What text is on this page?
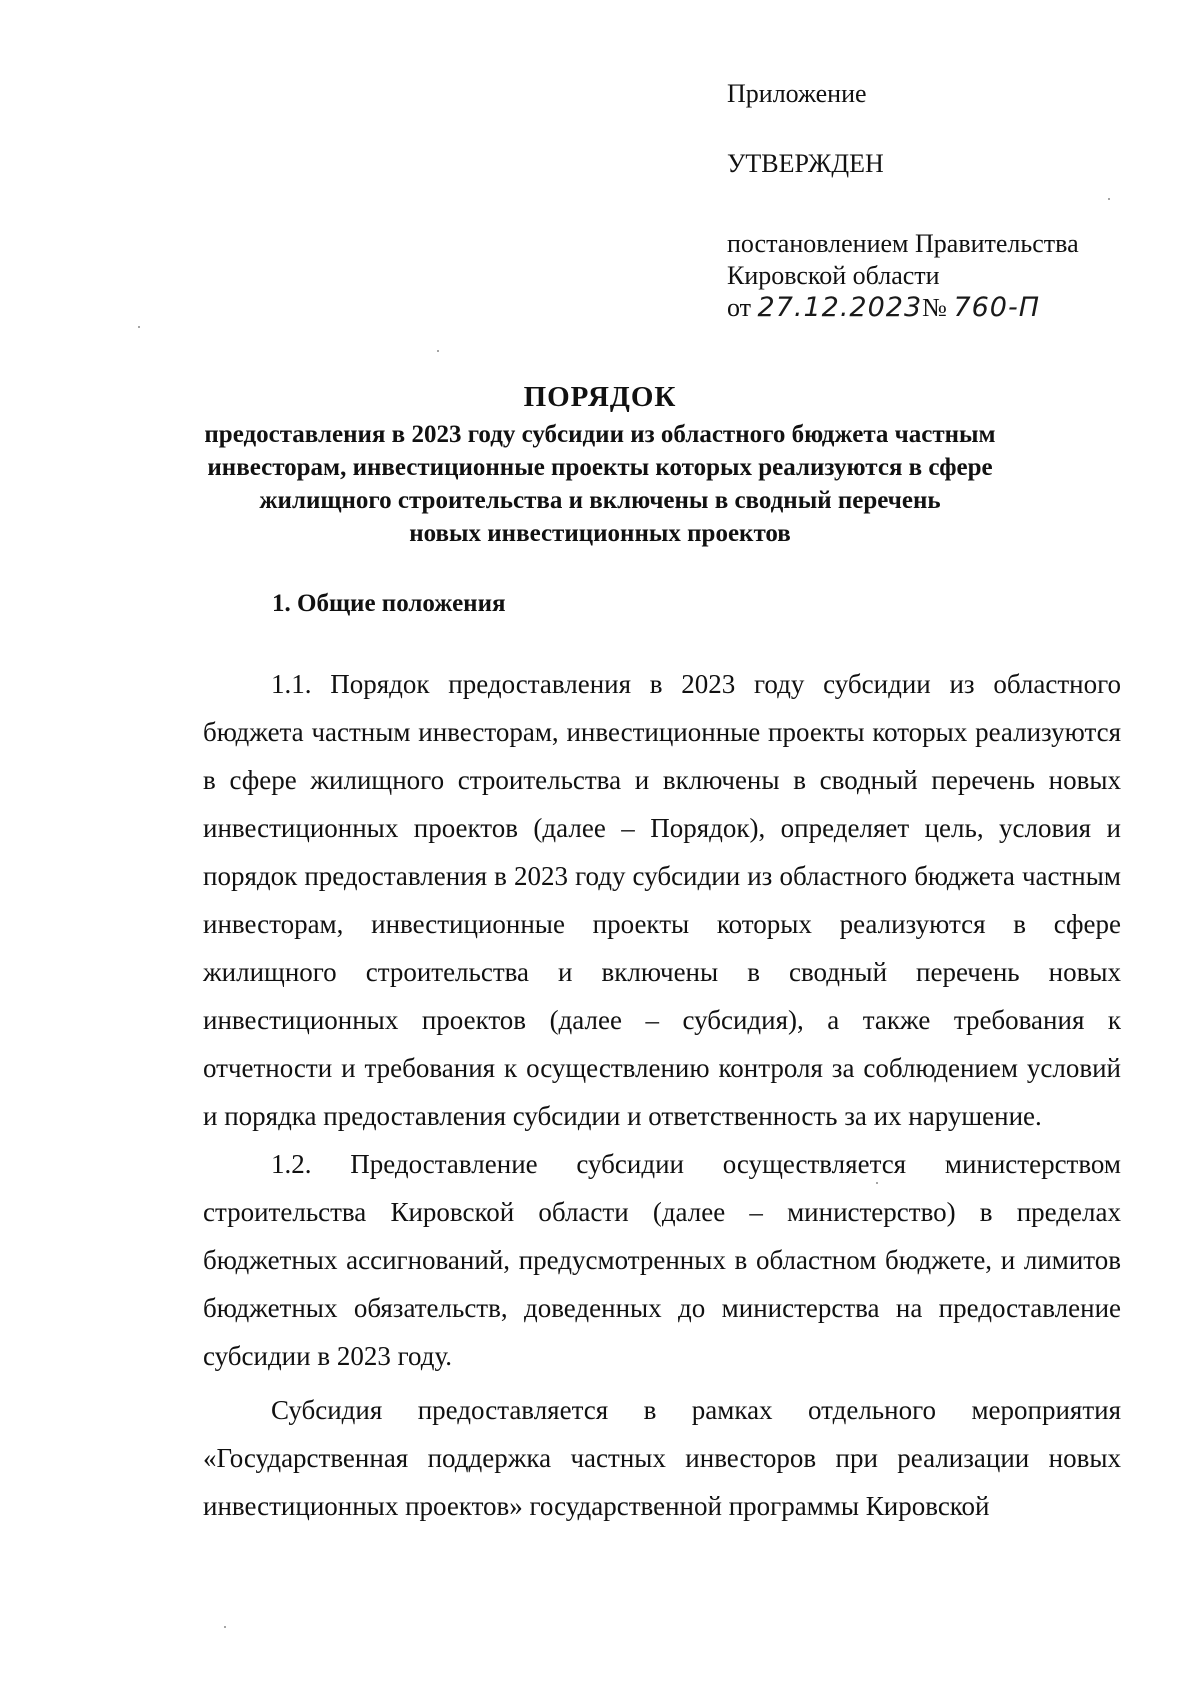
Приложение
УТВЕРЖДЕН
постановлением Правительства
Кировской области
от 27.12.2023№ 760-П
ПОРЯДОК
предоставления в 2023 году субсидии из областного бюджета частным
инвесторам, инвестиционные проекты которых реализуются в сфере
жилищного строительства и включены в сводный перечень
новых инвестиционных проектов
1. Общие положения

1.1. Порядок предоставления в 2023 году субсидии из областного бюджета частным инвесторам, инвестиционные проекты которых реализуются в сфере жилищного строительства и включены в сводный перечень новых инвестиционных проектов (далее – Порядок), определяет цель, условия и порядок предоставления в 2023 году субсидии из областного бюджета частным инвесторам, инвестиционные проекты которых реализуются в сфере жилищного строительства и включены в сводный перечень новых инвестиционных проектов (далее – субсидия), а также требования к отчетности и требования к осуществлению контроля за соблюдением условий и порядка предоставления субсидии и ответственность за их нарушение.

1.2. Предоставление субсидии осуществляется министерством строительства Кировской области (далее – министерство) в пределах бюджетных ассигнований, предусмотренных в областном бюджете, и лимитов бюджетных обязательств, доведенных до министерства на предоставление субсидии в 2023 году.

Субсидия предоставляется в рамках отдельного мероприятия «Государственная поддержка частных инвесторов при реализации новых инвестиционных проектов» государственной программы Кировской
